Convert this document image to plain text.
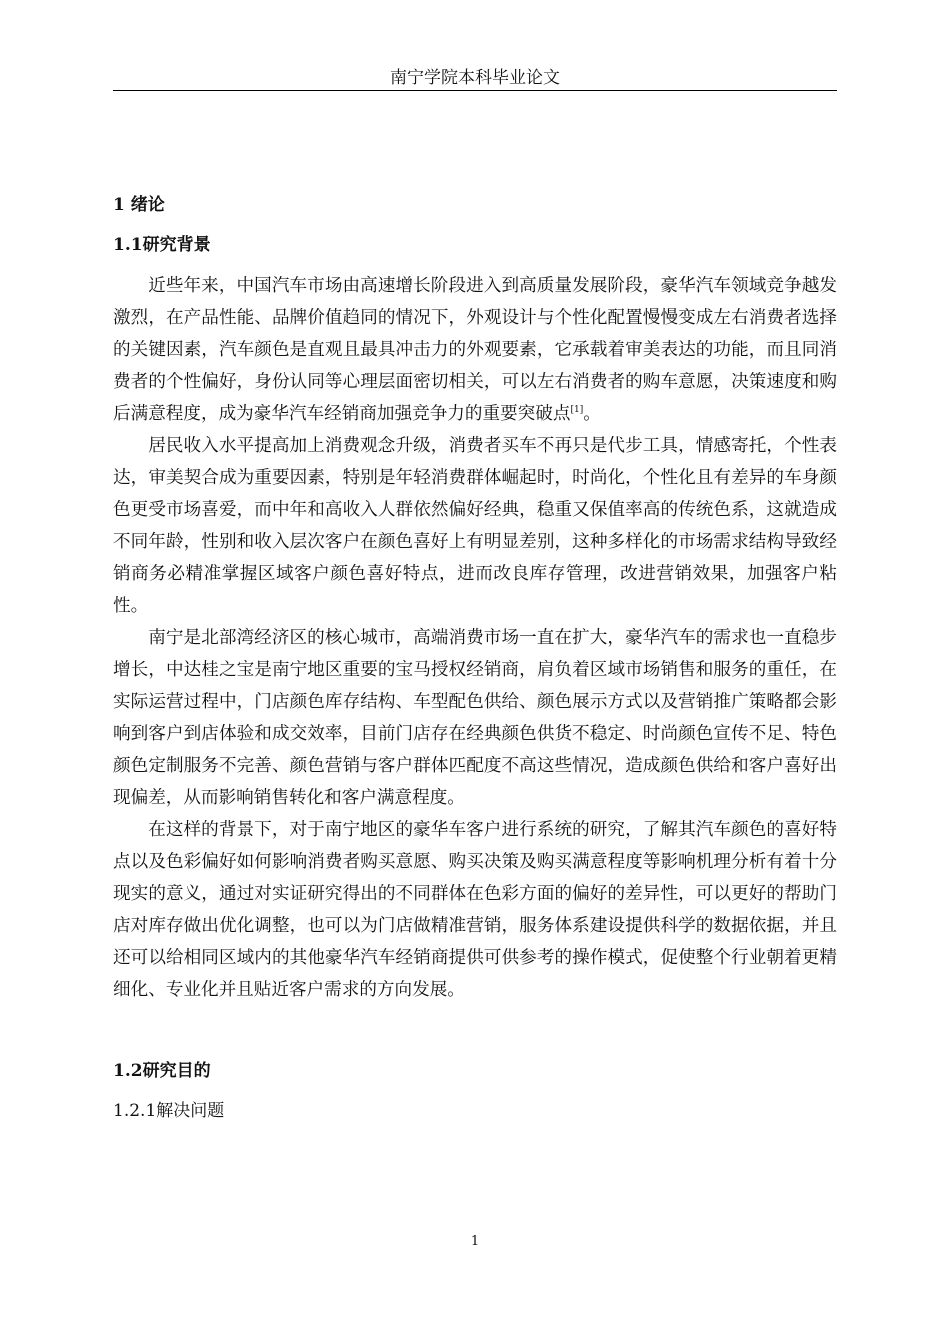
南宁学院本科毕业论文
1 绪论
1.1研究背景

近些年来，中国汽车市场由高速增长阶段进入到高质量发展阶段，豪华汽车领域竞争越发激烈，在产品性能、品牌价值趋同的情况下，外观设计与个性化配置慢慢变成左右消费者选择的关键因素，汽车颜色是直观且最具冲击力的外观要素，它承载着审美表达的功能，而且同消费者的个性偏好，身份认同等心理层面密切相关，可以左右消费者的购车意愿，决策速度和购后满意程度，成为豪华汽车经销商加强竞争力的重要突破点[1]。

居民收入水平提高加上消费观念升级，消费者买车不再只是代步工具，情感寄托，个性表达，审美契合成为重要因素，特别是年轻消费群体崛起时，时尚化，个性化且有差异的车身颜色更受市场喜爱，而中年和高收入人群依然偏好经典，稳重又保值率高的传统色系，这就造成不同年龄，性别和收入层次客户在颜色喜好上有明显差别，这种多样化的市场需求结构导致经销商务必精准掌握区域客户颜色喜好特点，进而改良库存管理，改进营销效果，加强客户粘性。

南宁是北部湾经济区的核心城市，高端消费市场一直在扩大，豪华汽车的需求也一直稳步增长，中达桂之宝是南宁地区重要的宝马授权经销商，肩负着区域市场销售和服务的重任，在实际运营过程中，门店颜色库存结构、车型配色供给、颜色展示方式以及营销推广策略都会影响到客户到店体验和成交效率，目前门店存在经典颜色供货不稳定、时尚颜色宣传不足、特色颜色定制服务不完善、颜色营销与客户群体匹配度不高这些情况，造成颜色供给和客户喜好出现偏差，从而影响销售转化和客户满意程度。

在这样的背景下，对于南宁地区的豪华车客户进行系统的研究，了解其汽车颜色的喜好特点以及色彩偏好如何影响消费者购买意愿、购买决策及购买满意程度等影响机理分析有着十分现实的意义，通过对实证研究得出的不同群体在色彩方面的偏好的差异性，可以更好的帮助门店对库存做出优化调整，也可以为门店做精准营销，服务体系建设提供科学的数据依据，并且还可以给相同区域内的其他豪华汽车经销商提供可供参考的操作模式，促使整个行业朝着更精细化、专业化并且贴近客户需求的方向发展。

1.2研究目的
1.2.1解决问题
1
